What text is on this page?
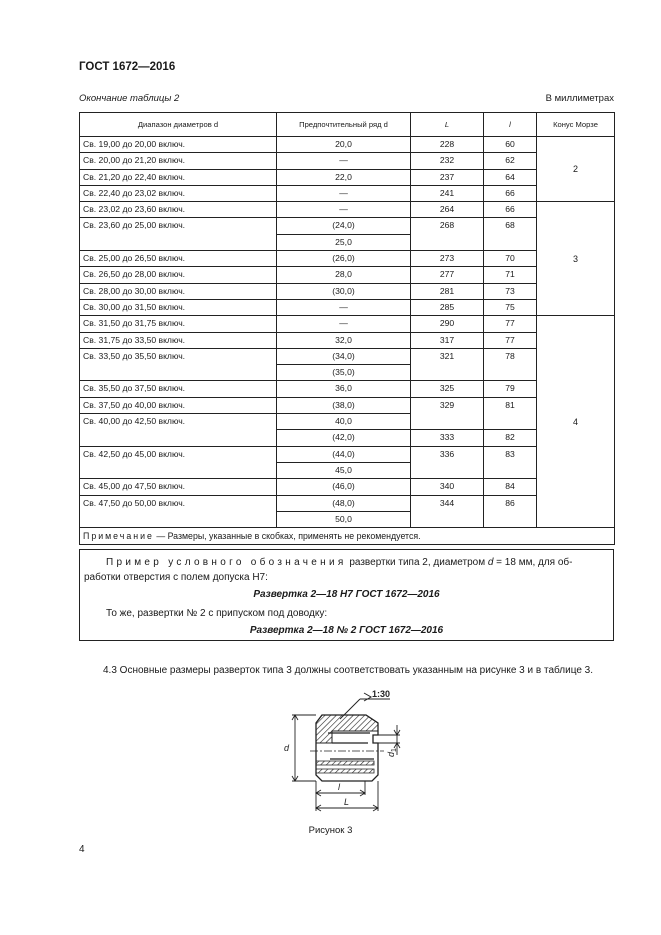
ГОСТ 1672—2016
Окончание таблицы 2	В миллиметрах
Диапазон диаметров d	Предпочтительный ряд d	L	l	Конус Морзе
Св. 19,00 до 20,00 включ.	20,0	228	60	2
Св. 20,00 до 21,20 включ.	—	232	62	
Св. 21,20 до 22,40 включ.	22,0	237	64	
Св. 22,40 до 23,02 включ.	—	241	66	
Св. 23,02 до 23,60 включ.	—	264	66	3
Св. 23,60 до 25,00 включ.	(24,0)	268	68	
	25,0			
Св. 25,00 до 26,50 включ.	(26,0)	273	70	
Св. 26,50 до 28,00 включ.	28,0	277	71	
Св. 28,00 до 30,00 включ.	(30,0)	281	73	
Св. 30,00 до 31,50 включ.	—	285	75	
Св. 31,50 до 31,75 включ.	—	290	77	4
Св. 31,75 до 33,50 включ.	32,0	317	77	
Св. 33,50 до 35,50 включ.	(34,0)	321	78	
	(35,0)			
Св. 35,50 до 37,50 включ.	36,0	325	79	
Св. 37,50 до 40,00 включ.	(38,0)	329	81	
Св. 40,00 до 42,50 включ.	40,0			
	(42,0)	333	82	
Св. 42,50 до 45,00 включ.	(44,0)	336	83	
	45,0			
Св. 45,00 до 47,50 включ.	(46,0)	340	84	
Св. 47,50 до 50,00 включ.	(48,0)	344	86	
	50,0			
Примечание — Размеры, указанные в скобках, применять не рекомендуется.				
Пример условного обозначения развертки типа 2, диаметром d = 18 мм, для об-
работки отверстия с полем допуска Н7:
Развертка 2—18 Н7 ГОСТ 1672—2016
То же, развертки № 2 с припуском под доводку:
Развертка 2—18 № 2 ГОСТ 1672—2016
4.3 Основные размеры разверток типа 3 должны соответствовать указанным на рисунке 3 и в таблице 3.
1:30
d
$d_1$
l
L
Рисунок 3
4
